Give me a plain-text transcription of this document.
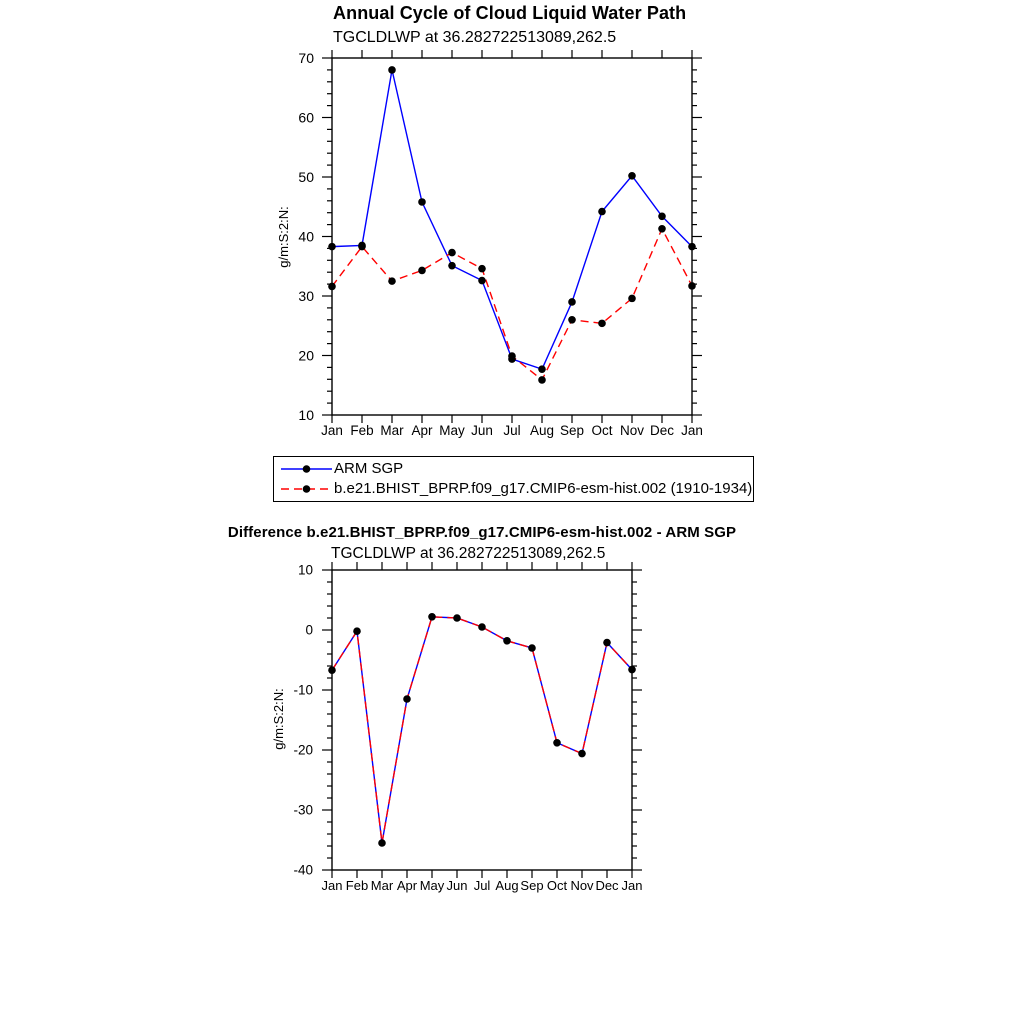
Annual Cycle of Cloud Liquid Water Path
TGCLDLWP at 36.282722513089,262.5
10
20
30
40
50
60
70
Jan Feb Mar Apr May Jun Jul Aug Sep Oct Nov Dec Jan
g/m:S:2:N:
-40
-30
-20
-10
0
10
Jan Feb Mar Apr May Jun Jul Aug Sep Oct Nov Dec Jan
g/m:S:2:N:
ARM SGP
b.e21.BHIST_BPRP.f09_g17.CMIP6-esm-hist.002 (1910-1934)
Difference b.e21.BHIST_BPRP.f09_g17.CMIP6-esm-hist.002 - ARM SGP
TGCLDLWP at 36.282722513089,262.5
